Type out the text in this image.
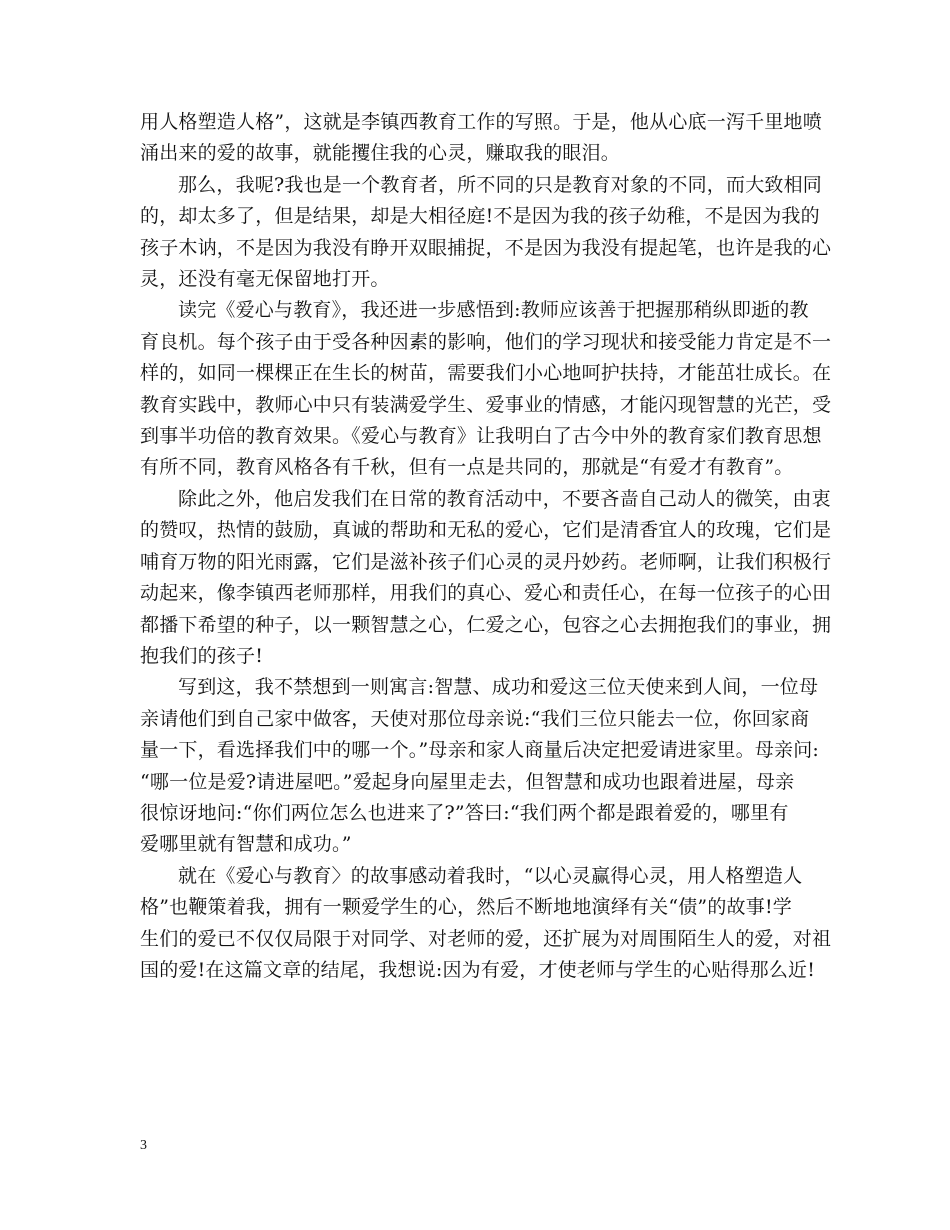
用人格塑造人格”，这就是李镇西教育工作的写照。于是，他从心底一泻千里地喷
涌出来的爱的故事，就能攫住我的心灵，赚取我的眼泪。

那么，我呢?我也是一个教育者，所不同的只是教育对象的不同，而大致相同
的，却太多了，但是结果，却是大相径庭!不是因为我的孩子幼稚，不是因为我的
孩子木讷，不是因为我没有睁开双眼捕捉，不是因为我没有提起笔，也许是我的心
灵，还没有毫无保留地打开。

读完《爱心与教育》，我还进一步感悟到:教师应该善于把握那稍纵即逝的教
育良机。每个孩子由于受各种因素的影响，他们的学习现状和接受能力肯定是不一
样的，如同一棵棵正在生长的树苗，需要我们小心地呵护扶持，才能茁壮成长。在
教育实践中，教师心中只有装满爱学生、爱事业的情感，才能闪现智慧的光芒，受
到事半功倍的教育效果。《爱心与教育》让我明白了古今中外的教育家们教育思想
有所不同，教育风格各有千秋，但有一点是共同的，那就是“有爱才有教育”。

除此之外，他启发我们在日常的教育活动中，不要吝啬自己动人的微笑，由衷
的赞叹，热情的鼓励，真诚的帮助和无私的爱心，它们是清香宜人的玫瑰，它们是
哺育万物的阳光雨露，它们是滋补孩子们心灵的灵丹妙药。老师啊，让我们积极行
动起来，像李镇西老师那样，用我们的真心、爱心和责任心，在每一位孩子的心田
都播下希望的种子，以一颗智慧之心，仁爱之心，包容之心去拥抱我们的事业，拥
抱我们的孩子!

写到这，我不禁想到一则寓言:智慧、成功和爱这三位天使来到人间，一位母
亲请他们到自己家中做客，天使对那位母亲说:“我们三位只能去一位，你回家商
量一下，看选择我们中的哪一个。”母亲和家人商量后决定把爱请进家里。母亲问:
“哪一位是爱?请进屋吧。”爱起身向屋里走去，但智慧和成功也跟着进屋，母亲
很惊讶地问:“你们两位怎么也进来了?”答曰:“我们两个都是跟着爱的，哪里有
爱哪里就有智慧和成功。”

就在《爱心与教育〉的故事感动着我时，“以心灵赢得心灵，用人格塑造人
格”也鞭策着我，拥有一颗爱学生的心，然后不断地地演绎有关“债”的故事!学
生们的爱已不仅仅局限于对同学、对老师的爱，还扩展为对周围陌生人的爱，对祖
国的爱!在这篇文章的结尾，我想说:因为有爱，才使老师与学生的心贴得那么近!

3
